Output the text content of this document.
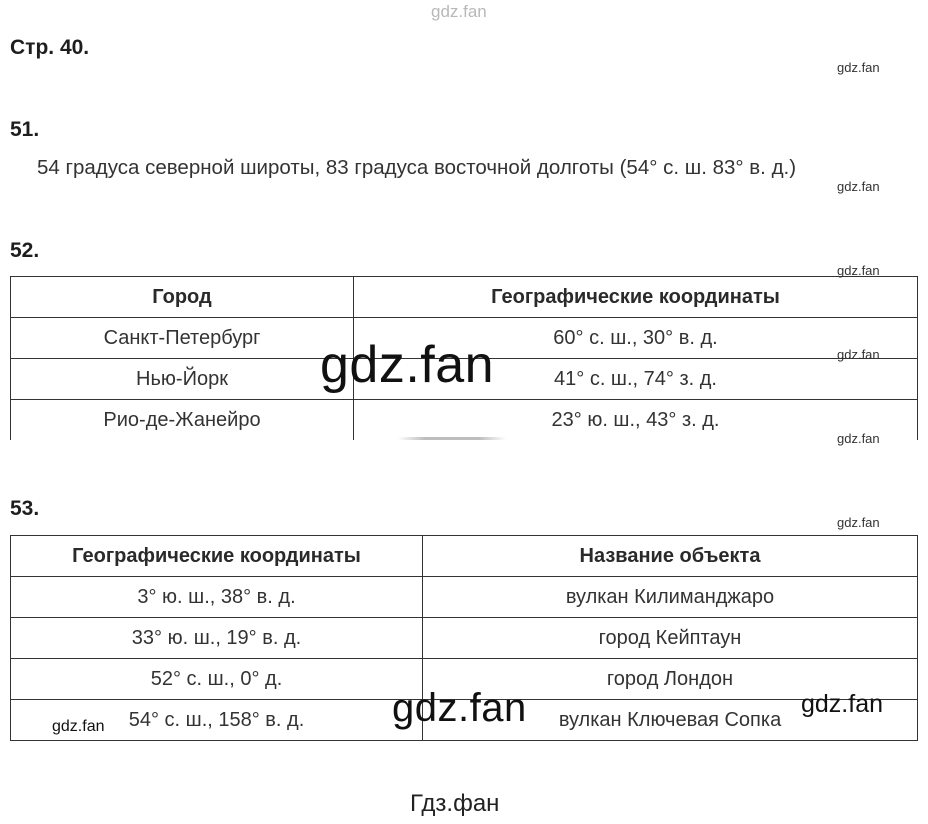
gdz.fan
Стр. 40.
gdz.fan
gdz.fan
gdz.fan
gdz.fan
gdz.fan
gdz.fan
51.
54 градуса северной широты, 83 градуса восточной долготы (54° с. ш. 83° в. д.)
52.
Город	Географические координаты
Санкт-Петербург	60° с. ш., 30° в. д.
Нью-Йорк	41° с. ш., 74° з. д.
Рио-де-Жанейро	23° ю. ш., 43° з. д.
53.
Географические координаты	Название объекта
3° ю. ш., 38° в. д.	вулкан Килиманджаро
33° ю. ш., 19° в. д.	город Кейптаун
52° с. ш., 0° д.	город Лондон
54° с. ш., 158° в. д.	вулкан Ключевая Сопка
gdz.fan
gdz.fan	gdz.fan
gdz.fan
Гдз.фан
